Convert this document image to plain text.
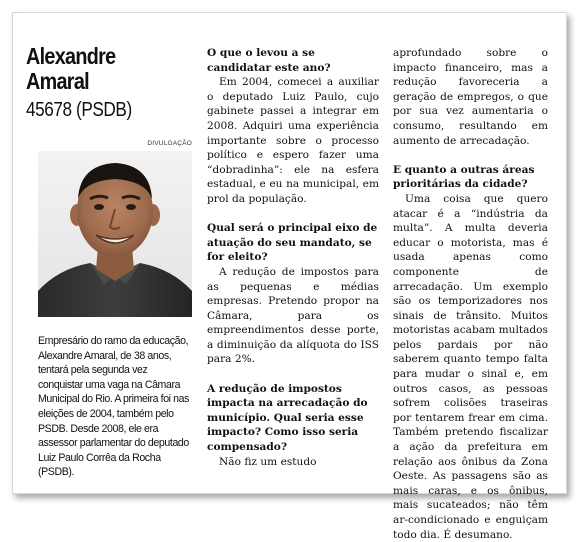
Alexandre Amaral
45678 (PSDB)
DIVULGAÇÃO

Empresário do ramo da educação, Alexandre Amaral, de 38 anos, tentará pela segunda vez conquistar uma vaga na Câmara Municipal do Rio. A primeira foi nas eleições de 2004, também pelo PSDB. Desde 2008, ele era assessor parlamentar do deputado Luiz Paulo Corrêa da Rocha (PSDB).

O que o levou a se candidatar este ano?

Em 2004, comecei a auxiliar o deputado Luiz Paulo, cujo gabinete passei a integrar em 2008. Adquiri uma experiência importante sobre o processo político e espero fazer uma “dobradinha”: ele na esfera estadual, e eu na municipal, em prol da população.

Qual será o principal eixo de atuação do seu mandato, se for eleito?

A redução de impostos para as pequenas e médias empresas. Pretendo propor na Câmara, para os empreendimentos desse porte, a diminuição da alíquota do ISS para 2%.

A redução de impostos impacta na arrecadação do município. Qual seria esse impacto? Como isso seria compensado?

Não fiz um estudo

aprofundado sobre o impacto financeiro, mas a redução favoreceria a geração de empregos, o que por sua vez aumentaria o consumo, resultando em aumento de arrecadação.

E quanto a outras áreas prioritárias da cidade?

Uma coisa que quero atacar é a “indústria da multa”. A multa deveria educar o motorista, mas é usada apenas como componente de arrecadação. Um exemplo são os temporizadores nos sinais de trânsito. Muitos motoristas acabam multados pelos pardais por não saberem quanto tempo falta para mudar o sinal e, em outros casos, as pessoas sofrem colisões traseiras por tentarem frear em cima. Também pretendo fiscalizar a ação da prefeitura em relação aos ônibus da Zona Oeste. As passagens são as mais caras, e os ônibus, mais sucateados; não têm ar-condicionado e enguiçam todo dia. É desumano.
